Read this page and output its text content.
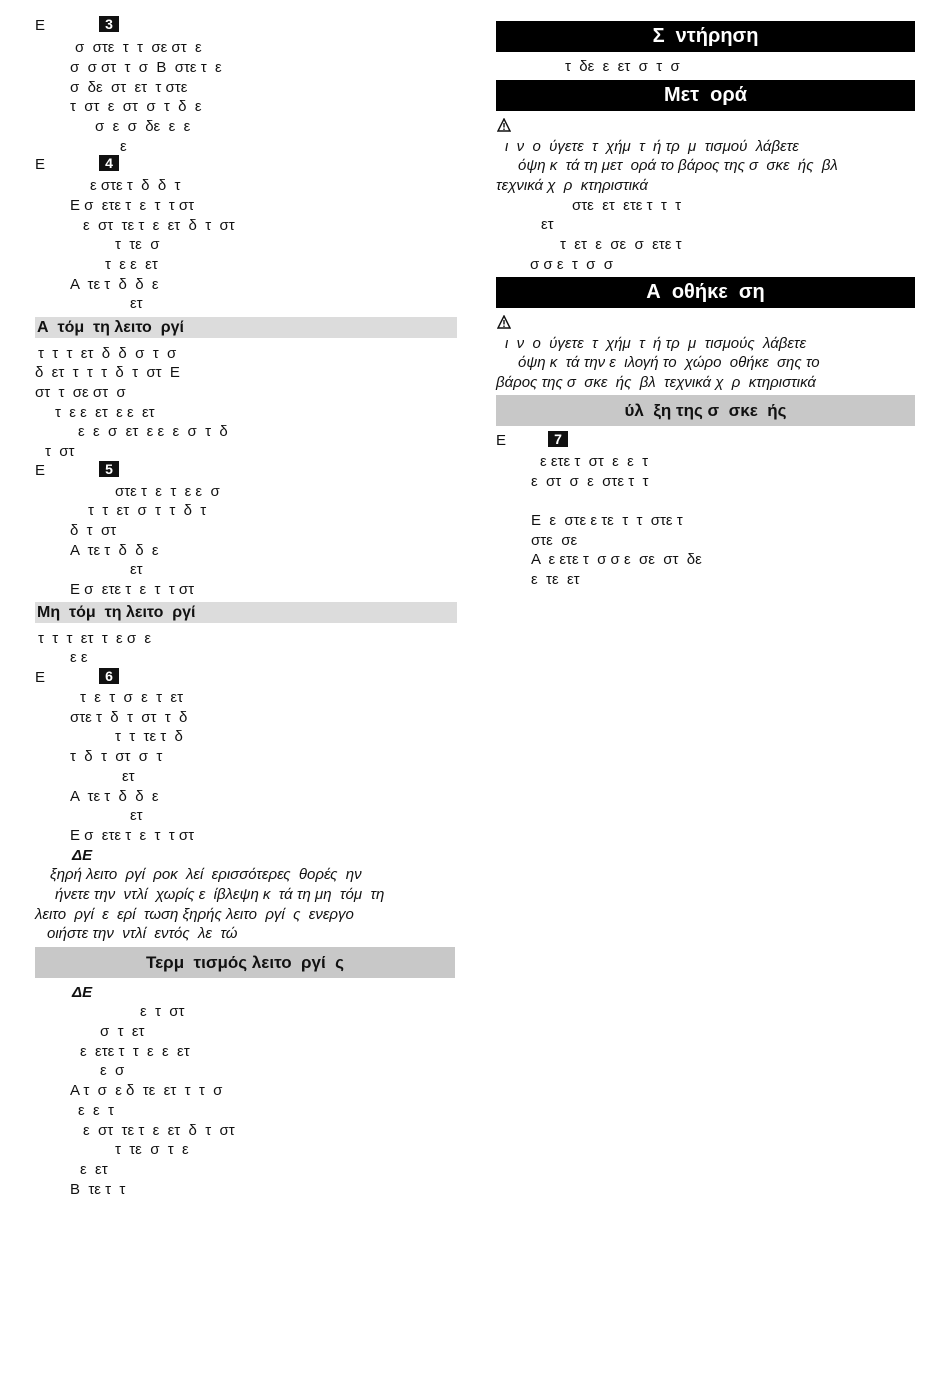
Ε	3
σ  στε  τ  τ  σε στ  ε
σ  σ στ  τ  σ  Β  στε τ  ε
σ  δε  στ  ετ  τ στε
τ  στ  ε  στ  σ  τ  δ  ε
σ  ε  σ  δε  ε  ε
ε
Ε	4
ε στε τ  δ  δ  τ
Ε σ  ετε τ  ε  τ  τ στ
ε  στ  τε τ  ε  ετ  δ  τ  στ
τ  τε  σ
τ  ε ε  ετ
Α  τε τ  δ  δ  ε
ετ
Α  τόμ  τη λειτο  ργί
τ  τ  τ  ετ  δ  δ  σ  τ  σ
δ  ετ  τ  τ  τ  δ  τ  στ  Ε
στ  τ  σε στ  σ
τ  ε ε  ετ  ε ε  ετ
ε  ε  σ  ετ  ε ε  ε  σ  τ  δ
τ  στ
Ε	5
στε τ  ε  τ  ε ε  σ
τ  τ  ετ  σ  τ  τ  δ  τ
δ  τ  στ
Α  τε τ  δ  δ  ε
ετ
Ε σ  ετε τ  ε  τ  τ στ
Μη  τόμ  τη λειτο  ργί
τ  τ  τ  ετ  τ  ε σ  ε
ε ε
Ε	6
τ  ε  τ  σ  ε  τ  ετ
στε τ  δ  τ  στ  τ  δ
τ  τ  τε τ  δ
τ  δ  τ  στ  σ  τ
ετ
Α  τε τ  δ  δ  ε
ετ
Ε σ  ετε τ  ε  τ  τ στ
ΔΕ
ξηρή λειτο  ργί  ροκ  λεί  ερισσότερες  θορές  ην
ήνετε την  ντλί  χωρίς ε  ίβλεψη κ  τά τη μη  τόμ  τη
λειτο  ργί  ε  ερί  τωση ξηρής λειτο  ργί  ς  ενεργο
οιήστε την  ντλί  εντός  λε  τώ
Τερμ  τισμός λειτο  ργί  ς
ΔΕ
ε  τ  στ
σ  τ  ετ
ε  ετε τ  τ  ε  ε  ετ
ε  σ
Α τ  σ  ε δ  τε  ετ  τ  τ  σ
ε  ε  τ
ε  στ  τε τ  ε  ετ  δ  τ  στ
τ  τε  σ  τ  ε
ε  ετ
Β  τε τ  τ
Σ  ντήρηση
τ  δε  ε  ετ  σ  τ  σ
Μετ  ορά
ι  ν  ο  ύγετε  τ  χήμ  τ  ή τρ  μ  τισμού  λάβετε
όψη κ  τά τη μετ  ορά το βάρος της σ  σκε  ής  βλ
τεχνικά χ  ρ  κτηριστικά
στε  ετ  ετε τ  τ  τ
ετ
τ  ετ  ε  σε  σ  ετε τ
σ σ ε  τ  σ  σ
Α  οθήκε  ση
ι  ν  ο  ύγετε  τ  χήμ  τ  ή τρ  μ  τισμούς  λάβετε
όψη κ  τά την ε  ιλογή το  χώρο  οθήκε  σης το
βάρος της σ  σκε  ής  βλ  τεχνικά χ  ρ  κτηριστικά
ύλ  ξη της σ  σκε  ής
Ε	7
ε ετε τ  στ  ε  ε  τ
ε  στ  σ  ε  στε τ  τ
Ε  ε  στε ε τε  τ  τ  στε τ
στε  σε
Α  ε ετε τ  σ σ ε  σε  στ  δε
ε  τε  ετ
